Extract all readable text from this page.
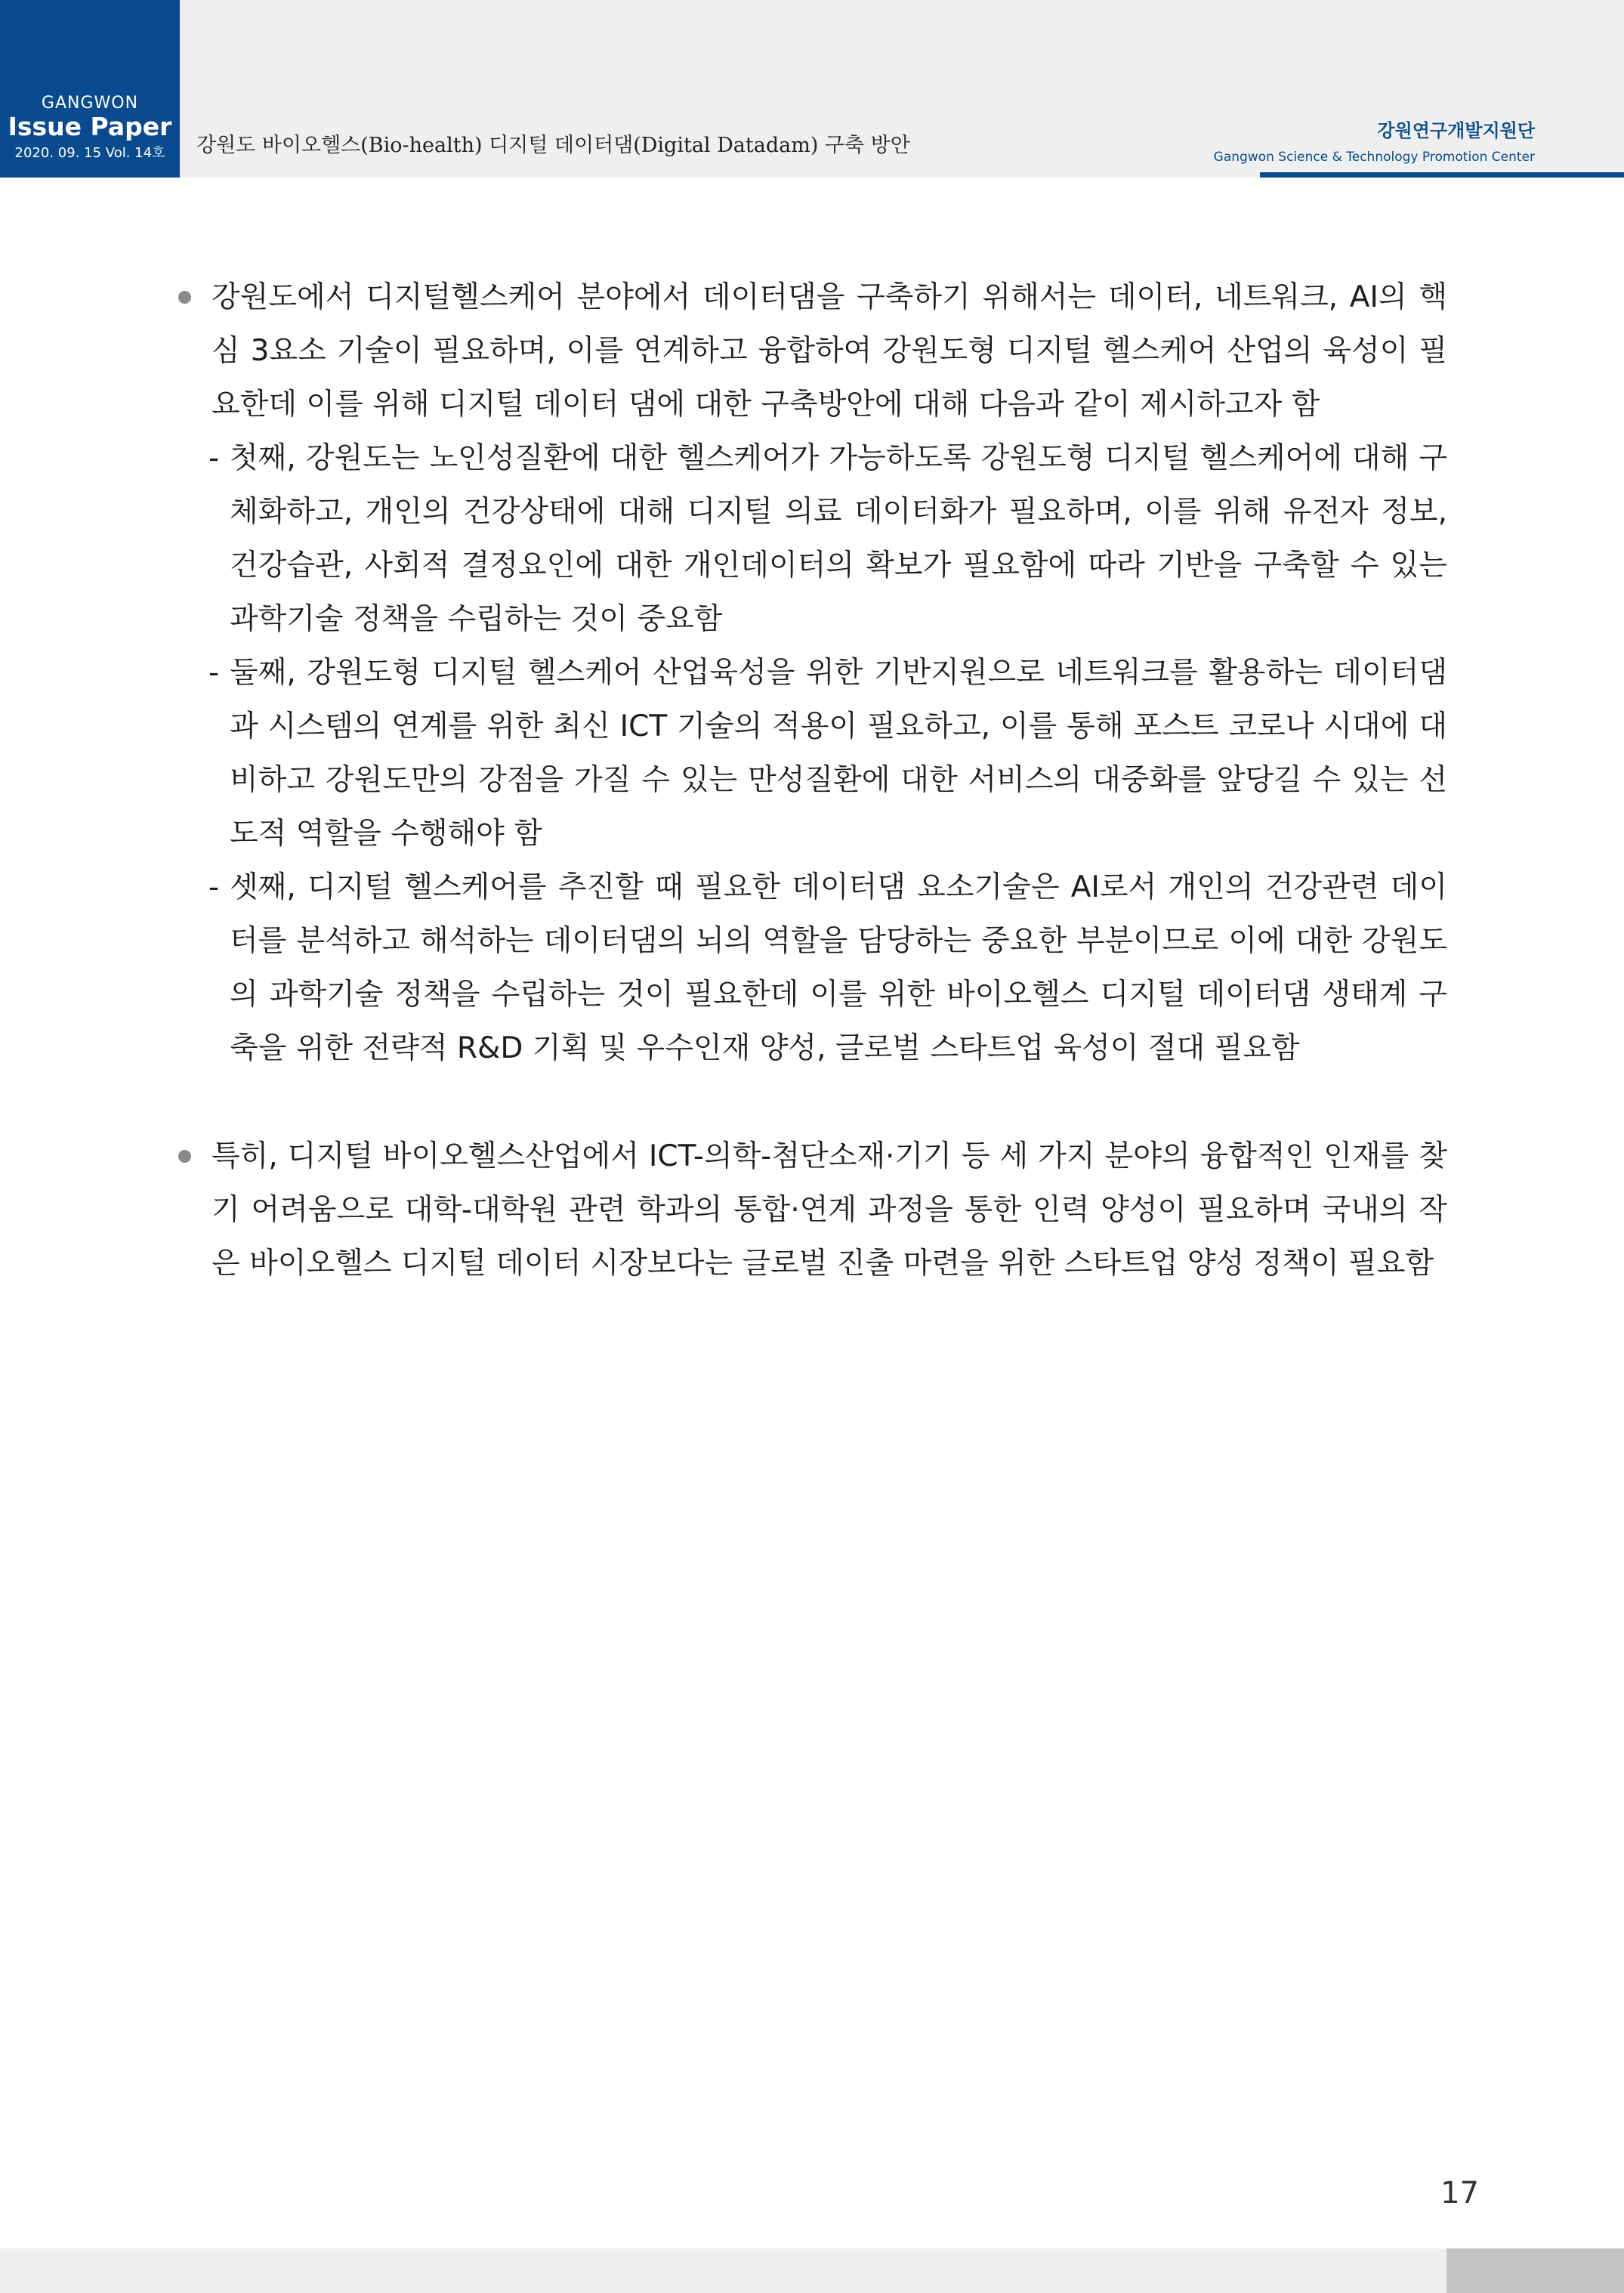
GANGWON
Issue Paper
2020. 09. 15 Vol. 14호	강원도 바이오헬스(Bio-health) 디지털 데이터댐(Digital Datadam) 구축 방안
강원연구개발지원단
Gangwon Science & Technology Promotion Center
강원도에서 디지털헬스케어 분야에서 데이터댐을 구축하기 위해서는 데이터, 네트워크, AI의 핵심 3요소 기술이 필요하며, 이를 연계하고 융합하여 강원도형 디지털 헬스케어 산업의 육성이 필요한데 이를 위해 디지털 데이터 댐에 대한 구축방안에 대해 다음과 같이 제시하고자 함
- 첫째, 강원도는 노인성질환에 대한 헬스케어가 가능하도록 강원도형 디지털 헬스케어에 대해 구체화하고, 개인의 건강상태에 대해 디지털 의료 데이터화가 필요하며, 이를 위해 유전자 정보, 건강습관, 사회적 결정요인에 대한 개인데이터의 확보가 필요함에 따라 기반을 구축할 수 있는 과학기술 정책을 수립하는 것이 중요함
- 둘째, 강원도형 디지털 헬스케어 산업육성을 위한 기반지원으로 네트워크를 활용하는 데이터댐과 시스템의 연계를 위한 최신 ICT 기술의 적용이 필요하고, 이를 통해 포스트 코로나 시대에 대비하고 강원도만의 강점을 가질 수 있는 만성질환에 대한 서비스의 대중화를 앞당길 수 있는 선도적 역할을 수행해야 함
- 셋째, 디지털 헬스케어를 추진할 때 필요한 데이터댐 요소기술은 AI로서 개인의 건강관련 데이터를 분석하고 해석하는 데이터댐의 뇌의 역할을 담당하는 중요한 부분이므로 이에 대한 강원도의 과학기술 정책을 수립하는 것이 필요한데 이를 위한 바이오헬스 디지털 데이터댐 생태계 구축을 위한 전략적 R&D 기획 및 우수인재 양성, 글로벌 스타트업 육성이 절대 필요함
특히, 디지털 바이오헬스산업에서 ICT-의학-첨단소재·기기 등 세 가지 분야의 융합적인 인재를 찾기 어려움으로 대학-대학원 관련 학과의 통합·연계 과정을 통한 인력 양성이 필요하며 국내의 작은 바이오헬스 디지털 데이터 시장보다는 글로벌 진출 마련을 위한 스타트업 양성 정책이 필요함
17
